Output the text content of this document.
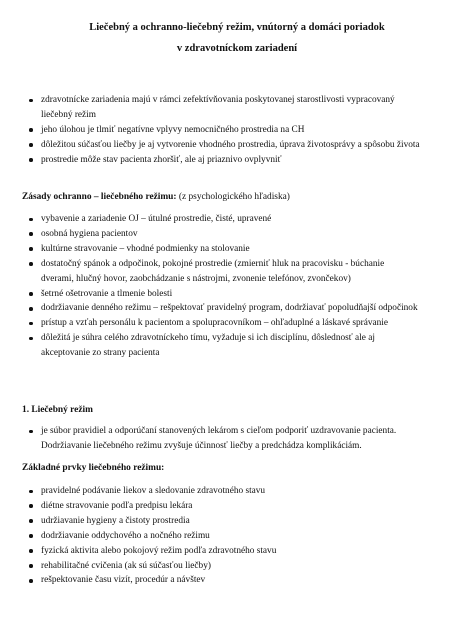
Liečebný a ochranno-liečebný režim, vnútorný a domáci poriadok
v zdravotníckom zariadení
zdravotnícke zariadenia majú v rámci zefektívňovania poskytovanej starostlivosti vypracovaný
liečebný režim
jeho úlohou je tlmiť negatívne vplyvy nemocničného prostredia na CH
dôležitou súčasťou liečby je aj vytvorenie vhodného prostredia, úprava životosprávy a spôsobu života
prostredie môže stav pacienta zhoršiť, ale aj priaznivo ovplyvniť
Zásady ochranno – liečebného režimu: (z psychologického hľadiska)
vybavenie a zariadenie OJ – útulné prostredie, čisté, upravené
osobná hygiena pacientov
kultúrne stravovanie – vhodné podmienky na stolovanie
dostatočný spánok a odpočinok, pokojné prostredie (zmierniť hluk na pracovisku - búchanie
dverami, hlučný hovor, zaobchádzanie s nástrojmi, zvonenie telefónov, zvončekov)
šetrné ošetrovanie a tlmenie bolesti
dodržiavanie denného režimu – rešpektovať pravidelný program, dodržiavať popoludňajší odpočinok
prístup a vzťah personálu k pacientom a spolupracovníkom – ohľaduplné a láskavé správanie
dôležitá je súhra celého zdravotníckeho tímu, vyžaduje si ich disciplínu, dôslednosť ale aj
akceptovanie zo strany pacienta
1. Liečebný režim
je súbor pravidiel a odporúčaní stanovených lekárom s cieľom podporiť uzdravovanie pacienta.
Dodržiavanie liečebného režimu zvyšuje účinnosť liečby a predchádza komplikáciám.
Základné prvky liečebného režimu:
pravidelné podávanie liekov a sledovanie zdravotného stavu
diétne stravovanie podľa predpisu lekára
udržiavanie hygieny a čistoty prostredia
dodržiavanie oddychového a nočného režimu
fyzická aktivita alebo pokojový režim podľa zdravotného stavu
rehabilitačné cvičenia (ak sú súčasťou liečby)
rešpektovanie času vizít, procedúr a návštev
